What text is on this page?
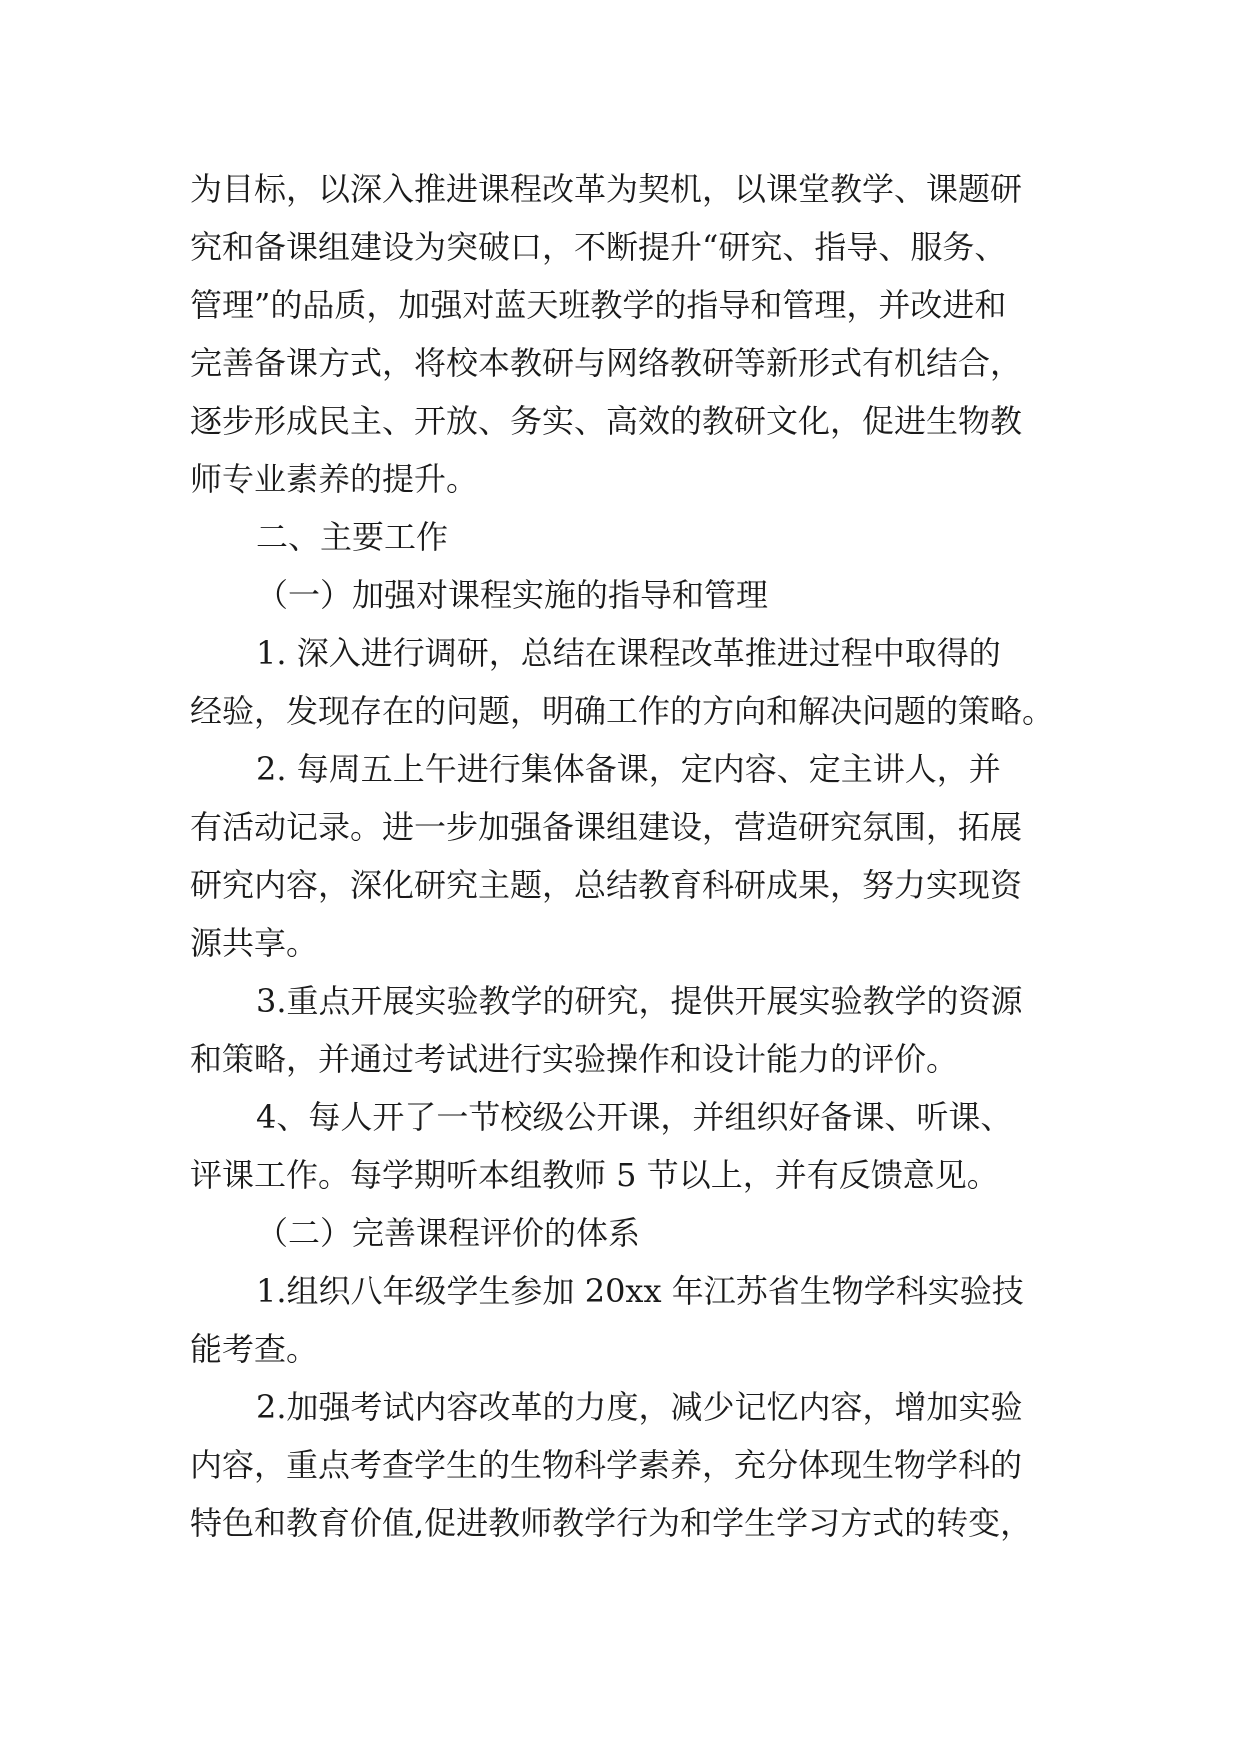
为目标，以深入推进课程改革为契机，以课堂教学、课题研
究和备课组建设为突破口，不断提升“研究、指导、服务、
管理”的品质，加强对蓝天班教学的指导和管理，并改进和
完善备课方式，将校本教研与网络教研等新形式有机结合，
逐步形成民主、开放、务实、高效的教研文化，促进生物教
师专业素养的提升。
二、主要工作
（一）加强对课程实施的指导和管理
1. 深入进行调研，总结在课程改革推进过程中取得的
经验，发现存在的问题，明确工作的方向和解决问题的策略。
2. 每周五上午进行集体备课，定内容、定主讲人，并
有活动记录。进一步加强备课组建设，营造研究氛围，拓展
研究内容，深化研究主题，总结教育科研成果，努力实现资
源共享。
3.重点开展实验教学的研究，提供开展实验教学的资源
和策略，并通过考试进行实验操作和设计能力的评价。
4、每人开了一节校级公开课，并组织好备课、听课、
评课工作。每学期听本组教师 5 节以上，并有反馈意见。
（二）完善课程评价的体系
1.组织八年级学生参加 20xx 年江苏省生物学科实验技
能考查。
2.加强考试内容改革的力度，减少记忆内容，增加实验
内容，重点考查学生的生物科学素养，充分体现生物学科的
特色和教育价值,促进教师教学行为和学生学习方式的转变，
